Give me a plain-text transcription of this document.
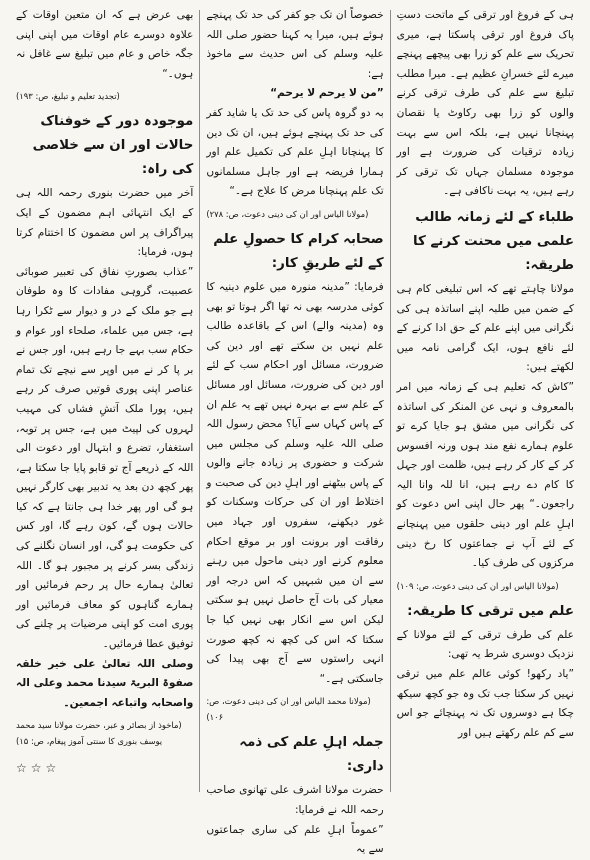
ہی کے فروغ اور ترقی کے ماتحت دستِ پاک فروغ اور ترقی پاسکتا ہے، میری تحریک سے علم کو زرا بھی پیچھے پہنچے میرے لئے خسرانِ عظیم ہے۔ میرا مطلب تبلیغ سے علم کی طرف ترقی کرنے والوں کو زرا بھی رکاوٹ یا نقصان پہنچانا نہیں ہے، بلکہ اس سے بہت زیادہ ترقیات کی ضرورت ہے اور موجودہ مسلمان جہاں تک ترقی کر رہے ہیں، یہ بہت ناکافی ہے۔

طلباء کے لئے زمانہ طالب علمی میں محنت کرنے کا طریقہ:

مولانا چاہتے تھے کہ اس تبلیغی کام ہی کے ضمن میں طلبہ اپنے اساتذہ ہی کی نگرانی میں اپنے علم کے حق ادا کرنے کے لئے نافع ہوں، ایک گرامی نامہ میں لکھتے ہیں:

”کاش کہ تعلیم ہی کے زمانہ میں امر بالمعروف و نہی عن المنکر کی اساتذہ کی نگرانی میں مشق ہو جایا کرے تو علوم ہمارے نفع مند ہوں ورنہ افسوس کر کے کار کر رہے ہیں، ظلمت اور جہل کا کام دے رہے ہیں، انا للہ وانا الیہ راجعون۔“ پھر حال اپنی اس دعوت کو اہلِ علم اور دینی حلقوں میں پہنچانے کے لئے آپ نے جماعتوں کا رخ دینی مرکزوں کی طرف کیا۔

(مولانا الیاس اور ان کی دینی دعوت، ص: ۱۰۹)

علم میں ترقی کا طریقہ:

علم کی طرف ترقی کے لئے مولانا کے نزدیک دوسری شرط یہ تھی:

”یاد رکھو! کوئی عالم علم میں ترقی نہیں کر سکتا جب تک وہ جو کچھ سیکھ چکا ہے دوسروں تک نہ پہنچائے جو اس سے کم علم رکھتے ہیں اور

خصوصاً ان تک جو کفر کی حد تک پہنچے ہوئے ہیں، میرا یہ کہنا حضور صلی اللہ علیہ وسلم کی اس حدیث سے ماخوذ ہے:

”من لا یرحم لا یرحم“

بہ دو گروہ پاس کی حد تک یا شاید کفر کی حد تک پہنچے ہوئے ہیں، ان تک دین کا پہنچانا اہلِ علم کی تکمیل علم اور ہمارا فریضہ ہے اور جاہل مسلمانوں تک علم پہنچانا مرض کا علاج ہے۔“

(مولانا الیاس اور ان کی دینی دعوت، ص: ۲۷۸)

صحابہ کرام کا حصولِ علم کے لئے طریقِ کار:

فرمایا: ”مدینہ منورہ میں علوم دینیہ کا کوئی مدرسہ بھی نہ تھا اگر ہوتا تو بھی وہ (مدینہ والے) اس کے باقاعدہ طالب علم نہیں بن سکتے تھے اور دین کی ضرورت، مسائل اور احکام سب کے لئے اور دین کی ضرورت، مسائل اور مسائل کے علم سے بے بہرہ نہیں تھے یہ علم ان کے پاس کہاں سے آیا؟ محض رسول اللہ صلی اللہ علیہ وسلم کی مجلس میں شرکت و حضوری پر زیادہ جانے والوں کے پاس بیٹھنے اور اہلِ دین کی صحبت و اختلاط اور ان کی حرکات وسکنات کو غور دیکھنے، سفروں اور جہاد میں رفاقت اور برونت اور بر موقع احکام معلوم کرنے اور دینی ماحول میں رہنے سے ان میں شبہیں کہ اس درجہ اور معیار کی بات آج حاصل نہیں ہو سکتی لیکن اس سے انکار بھی نہیں کیا جا سکتا کہ اس کی کچھ نہ کچھ صورت انہی راستوں سے آج بھی پیدا کی جاسکتی ہے۔“

(مولانا محمد الیاس اور ان کی دینی دعوت، ص: ۱۰۶)

جملہ اہلِ علم کی ذمہ داری:

حضرت مولانا اشرف علی تھانوی صاحب رحمہ اللہ نے فرمایا:

”عموماً اہلِ علم کی ساری جماعتوں سے یہ

بھی عرض ہے کہ ان متعین اوقات کے علاوہ دوسرے عام اوقات میں اپنی اپنی جگہ خاص و عام میں تبلیغ سے غافل نہ ہوں۔“

(تجدید تعلیم و تبلیغ، ص: ۱۹۳)

موجودہ دور کے خوفناک حالات اور ان سے خلاصی کی راہ:

آخر میں حضرت بنوری رحمہ اللہ ہی کے ایک انتہائی اہم مضمون کے ایک پیراگراف پر اس مضمون کا اختتام کرتا ہوں، فرمایا:

”عذاب بصورتِ نفاق کی تعبیر صوبائی عصبیت، گروہی مفادات کا وہ طوفان ہے جو ملک کے در و دیوار سے ٹکرا رہا ہے، جس میں علماء، صلحاء اور عوام و حکام سب بہے جا رہے ہیں، اور جس نے بر پا کر نے میں اوپر سے نیچے تک تمام عناصر اپنی پوری قوتیں صرف کر رہے ہیں، پورا ملک آتشِ فشاں کی مہیب لہروں کی لپیٹ میں ہے، جس پر توبہ، استغفار، تضرع و ابتہال اور دعوت الی اللہ کے ذریعے آج تو قابو پایا جا سکتا ہے، پھر کچھ دن بعد یہ تدبیر بھی کارگر نہیں ہو گی اور پھر خدا ہی جانتا ہے کہ کیا حالات ہوں گے، کون رہے گا، اور کس کی حکومت ہو گی، اور انسان نگلنے کی زندگی بسر کرنے پر مجبور ہو گا۔ اللہ تعالیٰ ہمارے حال پر رحم فرمائیں اور ہمارے گناہوں کو معاف فرمائیں اور پوری امت کو اپنی مرضیات پر چلنے کی توفیق عطا فرمائیں۔

وصلی اللہ تعالیٰ علی خیر خلقہ صفوۃ البریۃ سیدنا محمد وعلی الہ واصحابہ واتباعہ اجمعین۔

(ماخوذ از بصائر و عبر، حضرت مولانا سید محمد یوسف بنوری کا سنتی آموز پیغام، ص: ۱۵)

☆☆☆
